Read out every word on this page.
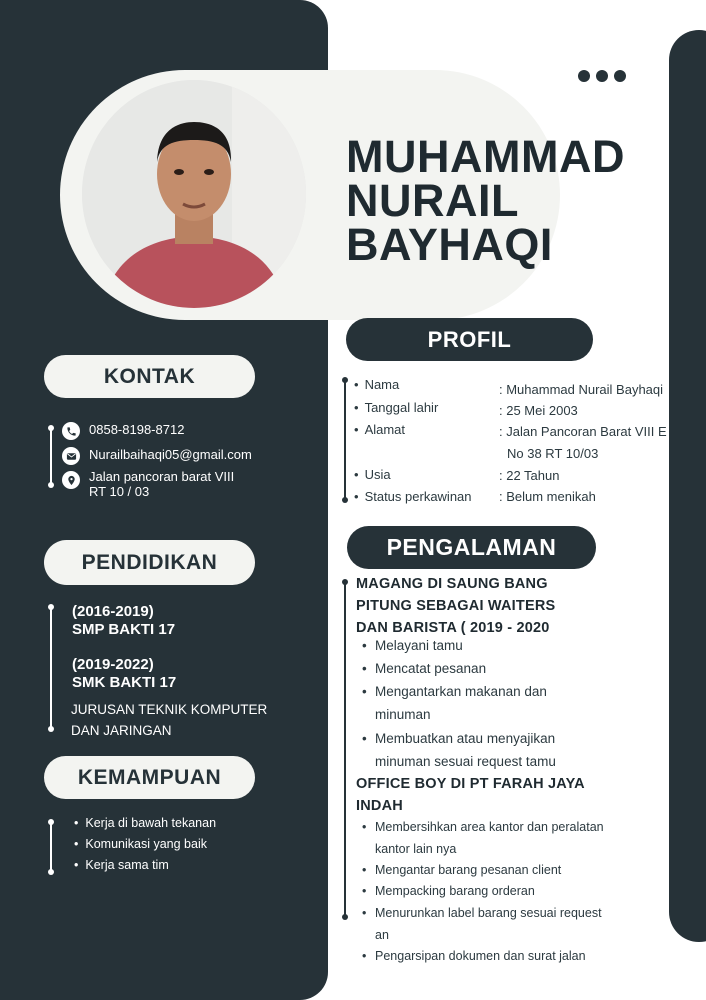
MUHAMMAD
NURAIL
BAYHAQI
KONTAK
0858-8198-8712
Nurailbaihaqi05@gmail.com
Jalan pancoran barat VIII
RT 10 / 03
PENDIDIKAN
(2016-2019)
SMP BAKTI 17
(2019-2022)
SMK BAKTI 17
JURUSAN TEKNIK KOMPUTER
DAN JARINGAN
KEMAMPUAN
• Kerja di bawah tekanan
• Komunikasi yang baik
• Kerja sama tim
PROFIL
• Nama	: Muhammad Nurail Bayhaqi
• Tanggal lahir	: 25 Mei 2003
• Alamat	: Jalan Pancoran Barat VIII E
No 38 RT 10/03
• Usia	: 22 Tahun
• Status perkawinan : Belum menikah
PENGALAMAN
MAGANG DI SAUNG BANG
PITUNG SEBAGAI WAITERS
DAN BARISTA ( 2019 - 2020
• Melayani tamu
• Mencatat pesanan
• Mengantarkan makanan dan
minuman
• Membuatkan atau menyajikan
minuman sesuai request tamu
OFFICE BOY DI PT FARAH JAYA
INDAH
• Membersihkan area kantor dan peralatan
kantor lain nya
• Mengantar barang pesanan client
• Mempacking barang orderan
• Menurunkan label barang sesuai request
an
• Pengarsipan dokumen dan surat jalan
